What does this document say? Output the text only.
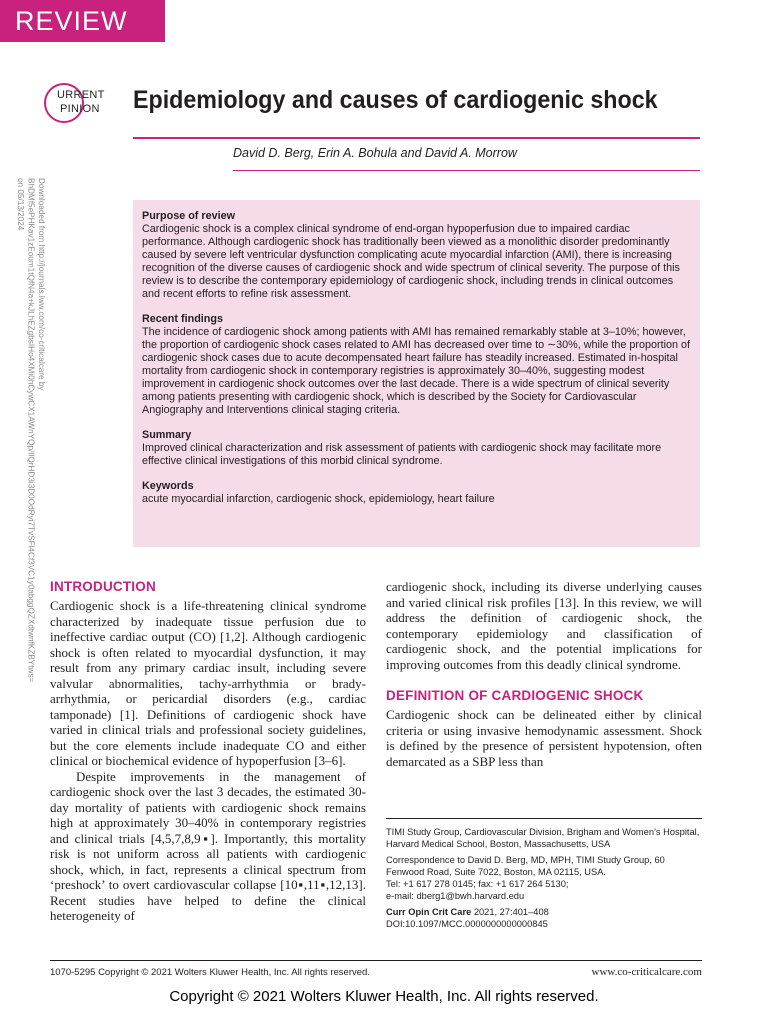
REVIEW
URRENT
PINION Epidemiology and causes of cardiogenic shock
David D. Berg, Erin A. Bohula and David A. Morrow
Downloaded from http://journals.lww.com/co-criticalcare by BhDMf5ePHKav1zEoum1tQfN4a+kJLhEZgbsIHo4XMi0hCywCX1AWnYQp/IlQrHD3i3D0OdRyi7TvSFl4Cf3VC1y0abggQZXdtwnfKZBYtws= on 05/13/2024	Purpose of review

Cardiogenic shock is a complex clinical syndrome of end-organ hypoperfusion due to impaired cardiac performance. Although cardiogenic shock has traditionally been viewed as a monolithic disorder predominantly caused by severe left ventricular dysfunction complicating acute myocardial infarction (AMI), there is increasing recognition of the diverse causes of cardiogenic shock and wide spectrum of clinical severity. The purpose of this review is to describe the contemporary epidemiology of cardiogenic shock, including trends in clinical outcomes and recent efforts to refine risk assessment.

Recent findings

The incidence of cardiogenic shock among patients with AMI has remained remarkably stable at 3–10%; however, the proportion of cardiogenic shock cases related to AMI has decreased over time to ∼30%, while the proportion of cardiogenic shock cases due to acute decompensated heart failure has steadily increased. Estimated in-hospital mortality from cardiogenic shock in contemporary registries is approximately 30–40%, suggesting modest improvement in cardiogenic shock outcomes over the last decade. There is a wide spectrum of clinical severity among patients presenting with cardiogenic shock, which is described by the Society for Cardiovascular Angiography and Interventions clinical staging criteria.

Summary

Improved clinical characterization and risk assessment of patients with cardiogenic shock may facilitate more effective clinical investigations of this morbid clinical syndrome.

Keywords

acute myocardial infarction, cardiogenic shock, epidemiology, heart failure

INTRODUCTION

Cardiogenic shock is a life-threatening clinical syndrome characterized by inadequate tissue perfusion due to ineffective cardiac output (CO) [1,2]. Although cardiogenic shock is often related to myocardial dysfunction, it may result from any primary cardiac insult, including severe valvular abnormalities, tachy-arrhythmia or brady-arrhythmia, or pericardial disorders (e.g., cardiac tamponade) [1]. Definitions of cardiogenic shock have varied in clinical trials and professional society guidelines, but the core elements include inadequate CO and either clinical or biochemical evidence of hypoperfusion [3–6].

Despite improvements in the management of cardiogenic shock over the last 3 decades, the estimated 30-day mortality of patients with cardiogenic shock remains high at approximately 30–40% in contemporary registries and clinical trials [4,5,7,8,9▪]. Importantly, this mortality risk is not uniform across all patients with cardiogenic shock, which, in fact, represents a clinical spectrum from ‘preshock’ to overt cardiovascular collapse [10▪,11▪,12,13]. Recent studies have helped to define the clinical heterogeneity of

cardiogenic shock, including its diverse underlying causes and varied clinical risk profiles [13]. In this review, we will address the definition of cardiogenic shock, the contemporary epidemiology and classification of cardiogenic shock, and the potential implications for improving outcomes from this deadly clinical syndrome.

DEFINITION OF CARDIOGENIC SHOCK

Cardiogenic shock can be delineated either by clinical criteria or using invasive hemodynamic assessment. Shock is defined by the presence of persistent hypotension, often demarcated as a SBP less than

TIMI Study Group, Cardiovascular Division, Brigham and Women’s Hospital, Harvard Medical School, Boston, Massachusetts, USA

Correspondence to David D. Berg, MD, MPH, TIMI Study Group, 60 Fenwood Road, Suite 7022, Boston, MA 02115, USA.

Tel: +1 617 278 0145; fax: +1 617 264 5130;

e-mail: dberg1@bwh.harvard.edu

Curr Opin Crit Care 2021, 27:401–408

DOI:10.1097/MCC.0000000000000845

1070-5295 Copyright © 2021 Wolters Kluwer Health, Inc. All rights reserved.	www.co-criticalcare.com
Copyright © 2021 Wolters Kluwer Health, Inc. All rights reserved.
